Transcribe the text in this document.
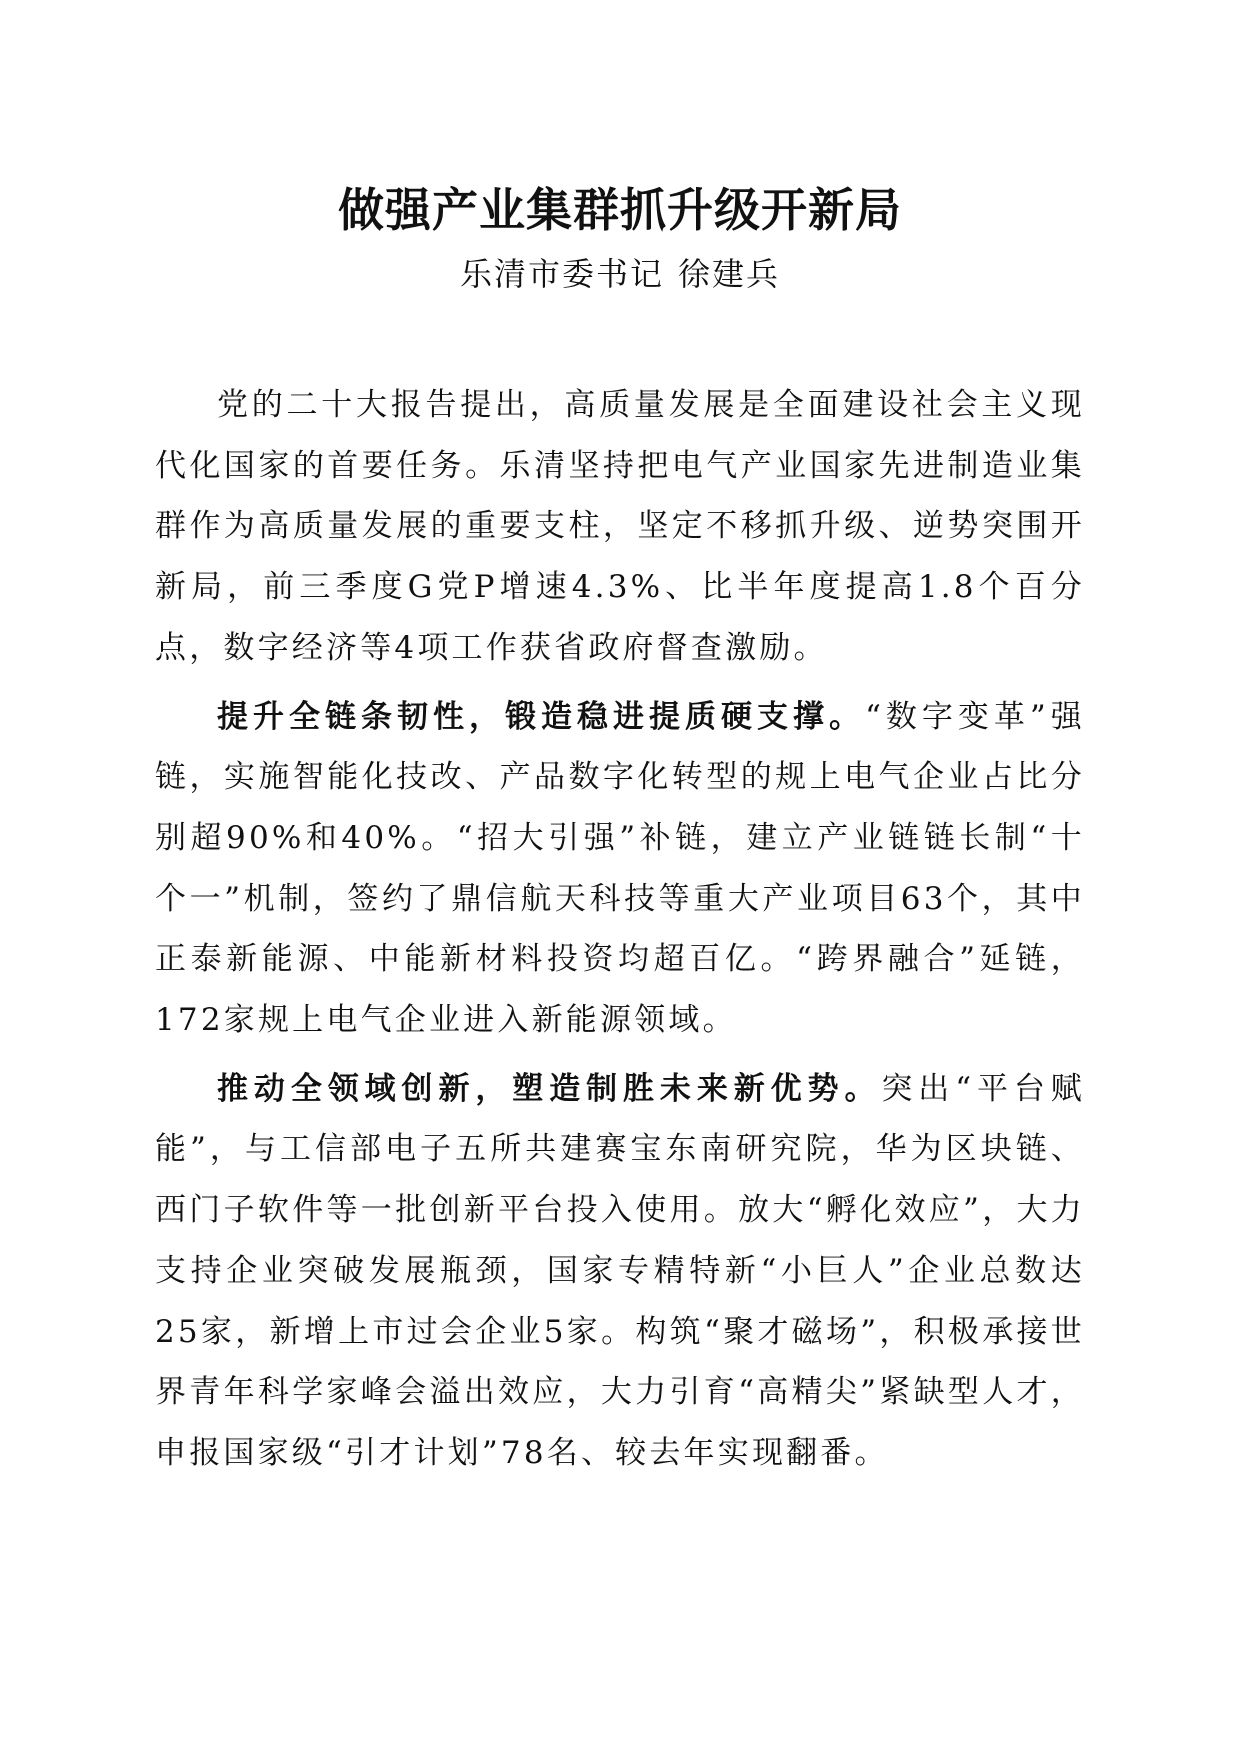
做强产业集群抓升级开新局
乐清市委书记 徐建兵

党的二十大报告提出，高质量发展是全面建设社会主义现代化国家的首要任务。乐清坚持把电气产业国家先进制造业集群作为高质量发展的重要支柱，坚定不移抓升级、逆势突围开新局，前三季度G党P增速4.3%、比半年度提高1.8个百分点，数字经济等4项工作获省政府督查激励。

提升全链条韧性，锻造稳进提质硬支撑。“数字变革”强链，实施智能化技改、产品数字化转型的规上电气企业占比分别超90%和40%。“招大引强”补链，建立产业链链长制“十个一”机制，签约了鼎信航天科技等重大产业项目63个，其中正泰新能源、中能新材料投资均超百亿。“跨界融合”延链，172家规上电气企业进入新能源领域。

推动全领域创新，塑造制胜未来新优势。突出“平台赋能”，与工信部电子五所共建赛宝东南研究院，华为区块链、西门子软件等一批创新平台投入使用。放大“孵化效应”，大力支持企业突破发展瓶颈，国家专精特新“小巨人”企业总数达25家，新增上市过会企业5家。构筑“聚才磁场”，积极承接世界青年科学家峰会溢出效应，大力引育“高精尖”紧缺型人才，申报国家级“引才计划”78名、较去年实现翻番。
